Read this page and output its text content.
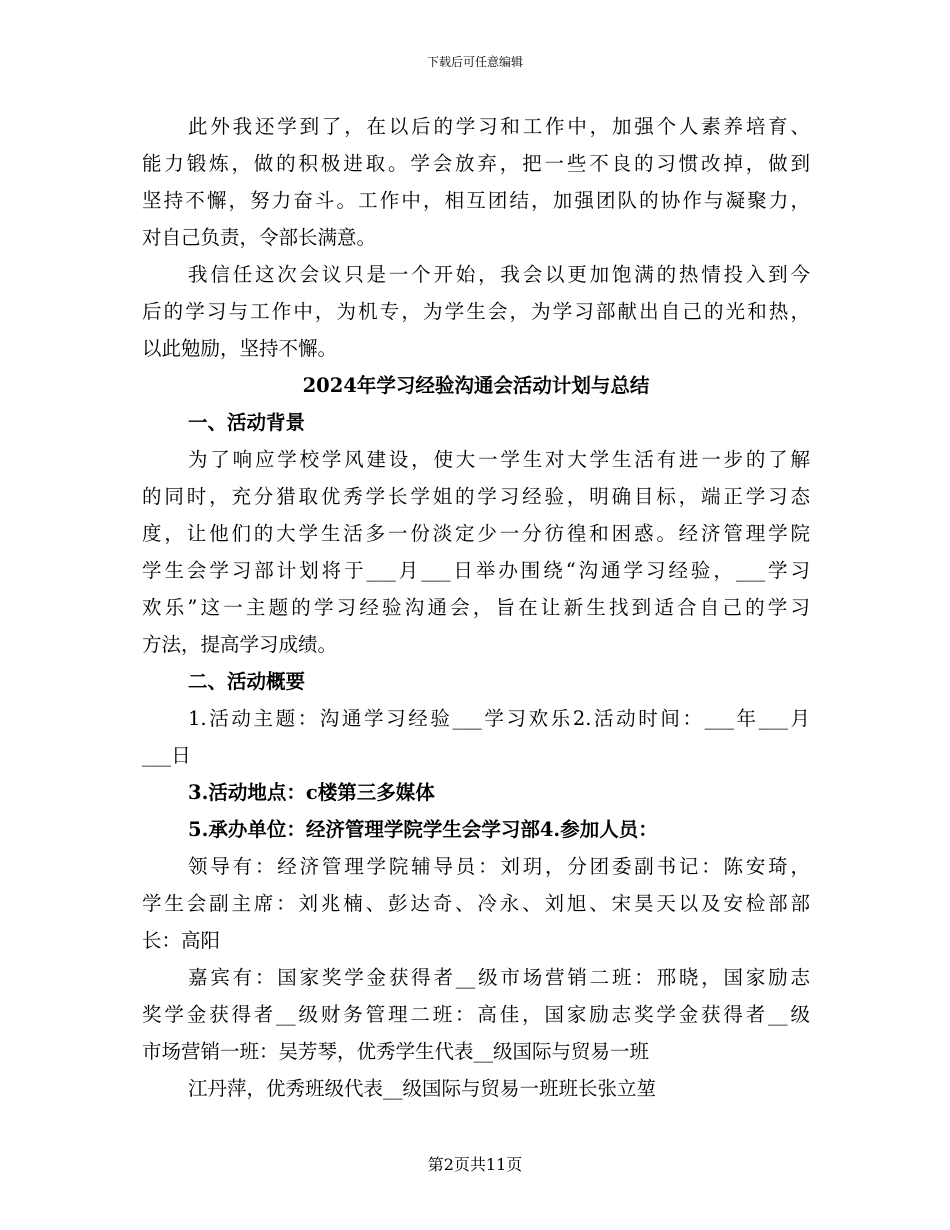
下载后可任意编辑
此外我还学到了，在以后的学习和工作中，加强个人素养培育、
能力锻炼，做的积极进取。学会放弃，把一些不良的习惯改掉，做到
坚持不懈，努力奋斗。工作中，相互团结，加强团队的协作与凝聚力，
对自己负责，令部长满意。
我信任这次会议只是一个开始，我会以更加饱满的热情投入到今
后的学习与工作中，为机专，为学生会，为学习部献出自己的光和热，
以此勉励，坚持不懈。
2024年学习经验沟通会活动计划与总结
一、活动背景
为了响应学校学风建设，使大一学生对大学生活有进一步的了解
的同时，充分猎取优秀学长学姐的学习经验，明确目标，端正学习态
度，让他们的大学生活多一份淡定少一分彷徨和困惑。经济管理学院
学生会学习部计划将于___月___日举办围绕“沟通学习经验，___学习
欢乐”这一主题的学习经验沟通会，旨在让新生找到适合自己的学习
方法，提高学习成绩。
二、活动概要
1.活动主题：沟通学习经验___学习欢乐2.活动时间：___年___月
___日
3.活动地点：c楼第三多媒体
5.承办单位：经济管理学院学生会学习部4.参加人员：
领导有：经济管理学院辅导员：刘玥，分团委副书记：陈安琦，
学生会副主席：刘兆楠、彭达奇、冷永、刘旭、宋昊天以及安检部部
长：高阳
嘉宾有：国家奖学金获得者__级市场营销二班：邢晓，国家励志
奖学金获得者__级财务管理二班：高佳，国家励志奖学金获得者__级
市场营销一班：吴芳琴，优秀学生代表__级国际与贸易一班
江丹萍，优秀班级代表__级国际与贸易一班班长张立堃
第2页共11页
